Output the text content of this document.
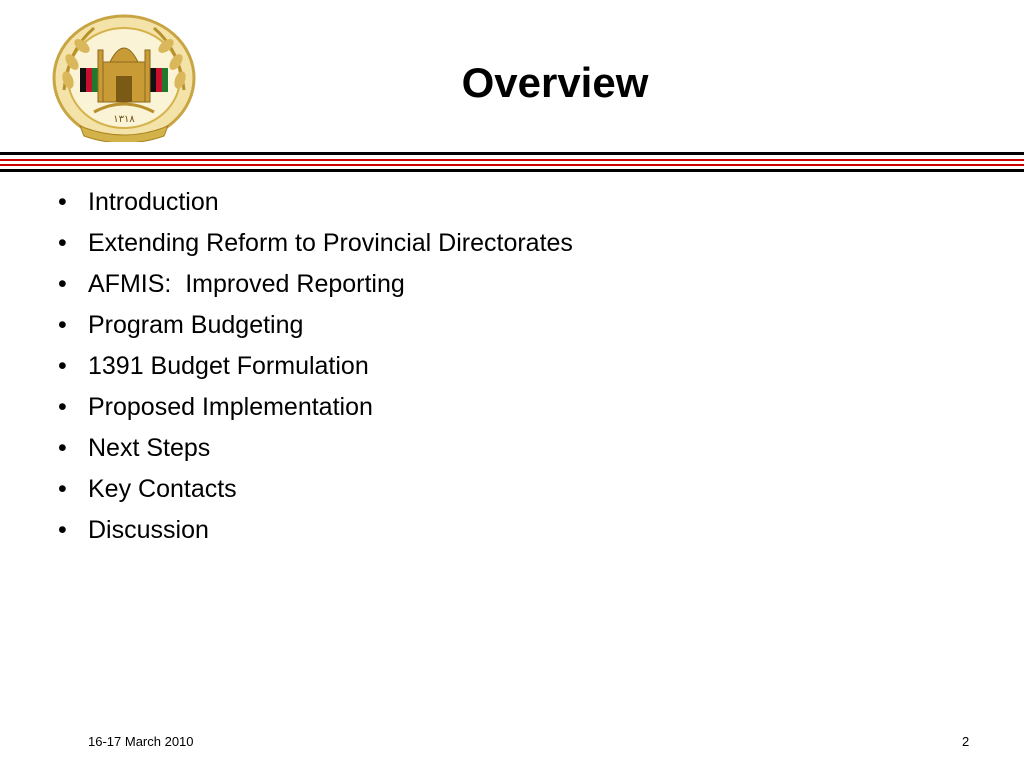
١٣١٨
Overview
• Introduction
• Extending Reform to Provincial Directorates
• AFMIS:  Improved Reporting
• Program Budgeting
• 1391 Budget Formulation
• Proposed Implementation
• Next Steps
• Key Contacts
• Discussion
16-17 March 2010	2
